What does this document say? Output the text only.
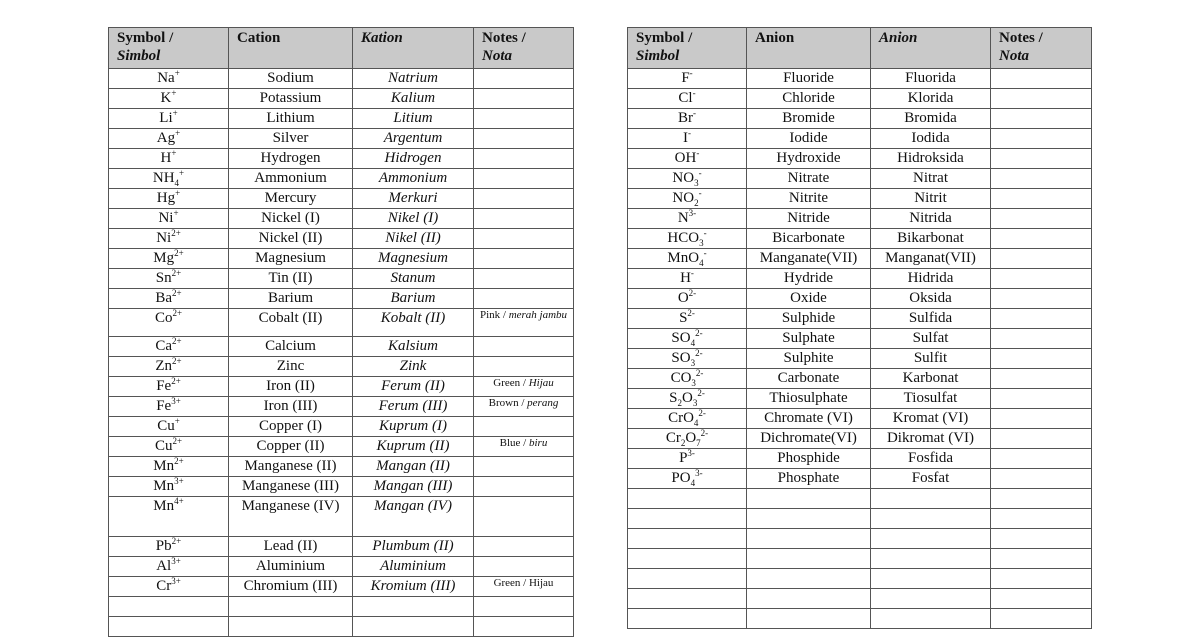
Symbol /
Simbol	Cation	Kation	Notes /
Nota
Na+	Sodium	Natrium	
K+	Potassium	Kalium	
Li+	Lithium	Litium	
Ag+	Silver	Argentum	
H+	Hydrogen	Hidrogen	
$NH_4^+$	Ammonium	Ammonium	
Hg+	Mercury	Merkuri	
Ni+	Nickel (I)	Nikel (I)	
$Ni^{2+}$	Nickel (II)	Nikel (II)	
$Mg^{2+}$	Magnesium	Magnesium	
$Sn^{2+}$	Tin (II)	Stanum	
$Ba^{2+}$	Barium	Barium	
$Co^{2+}$	Cobalt (II)	Kobalt (II)	Pink / merah jambu
$Ca^{2+}$	Calcium	Kalsium	
$Zn^{2+}$	Zinc	Zink	
$Fe^{2+}$	Iron (II)	Ferum (II)	Green / Hijau
$Fe^{3+}$	Iron (III)	Ferum (III)	Brown / perang
Cu+	Copper (I)	Kuprum (I)	
$Cu^{2+}$	Copper (II)	Kuprum (II)	Blue / biru
$Mn^{2+}$	Manganese (II)	Mangan (II)	
$Mn^{3+}$	Manganese (III)	Mangan (III)	
$Mn^{4+}$	Manganese (IV)	Mangan (IV)	
$Pb^{2+}$	Lead (II)	Plumbum (II)	
$Al^{3+}$	Aluminium	Aluminium	
$Cr^{3+}$	Chromium (III)	Kromium (III)	Green / Hijau

Symbol /
Simbol	Anion	Anion	Notes /
Nota
F-	Fluoride	Fluorida	
Cl-	Chloride	Klorida	
Br-	Bromide	Bromida	
I-	Iodide	Iodida	
OH-	Hydroxide	Hidroksida	
$NO_3^-$	Nitrate	Nitrat	
$NO_2^-$	Nitrite	Nitrit	
$N^{3-}$	Nitride	Nitrida	
$HCO_3^-$	Bicarbonate	Bikarbonat	
MnO$_4$-	Manganate(VII)	Manganat(VII)	
H-	Hydride	Hidrida	
$O^{2-}$	Oxide	Oksida	
$S^{2-}$	Sulphide	Sulfida	
$SO_4^{2-}$	Sulphate	Sulfat	
$SO_3^{2-}$	Sulphite	Sulfit	
$CO_3^{2-}$	Carbonate	Karbonat	
$S_2O_3^{2-}$	Thiosulphate	Tiosulfat	
CrO$_4^{2-}$	Chromate (VI)	Kromat (VI)	
$Cr_2O_7^{2-}$	Dichromate(VI)	Dikromat (VI)	
$P^{3-}$	Phosphide	Fosfida	
$PO_4^{3-}$	Phosphate	Fosfat	
